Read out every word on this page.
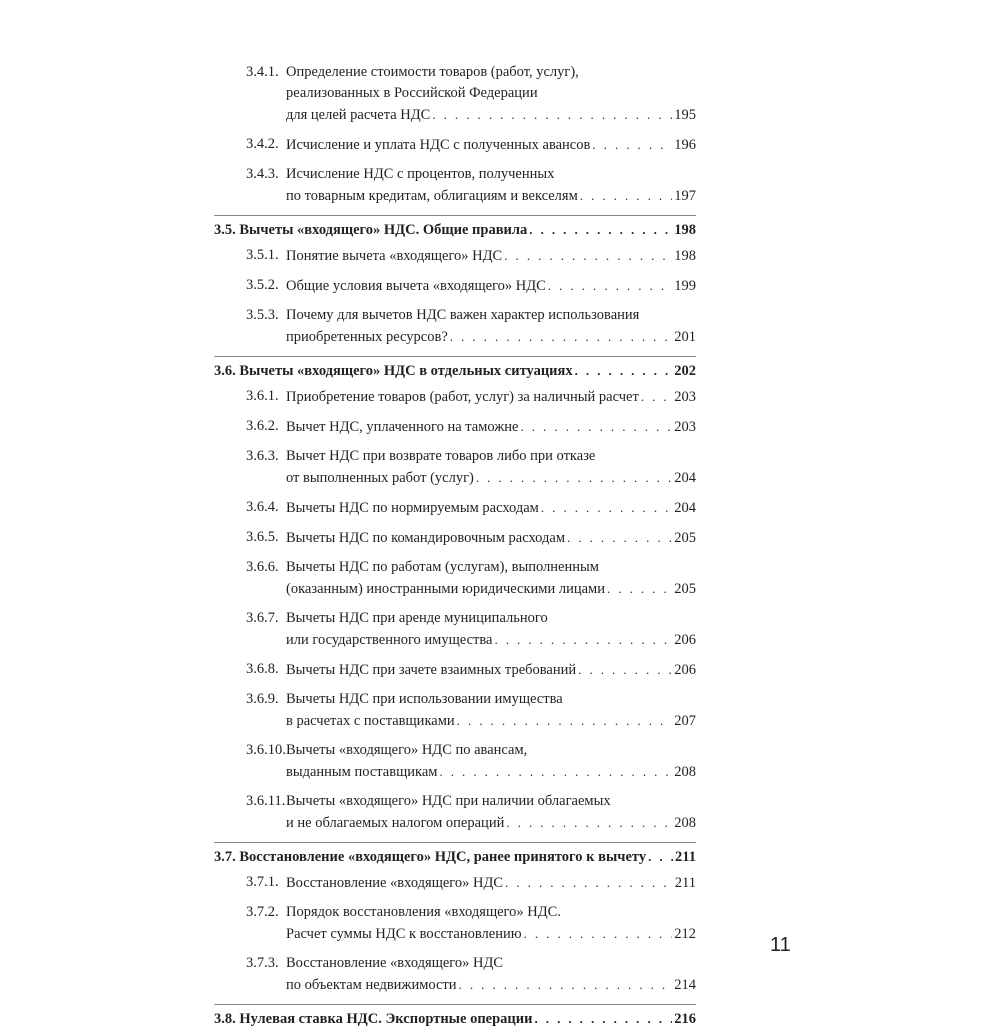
3.4.1. Определение стоимости товаров (работ, услуг),
реализованных в Российской Федерации
для целей расчета НДС . . .	195
3.4.2. Исчисление и уплата НДС с полученных авансов . . .	196
3.4.3. Исчисление НДС с процентов, полученных
по товарным кредитам, облигациям и векселям . . .	197
3.5. Вычеты «входящего» НДС. Общие правила . . .	198
3.5.1. Понятие вычета «входящего» НДС . . .	198
3.5.2. Общие условия вычета «входящего» НДС . . .	199
3.5.3. Почему для вычетов НДС важен характер использования
приобретенных ресурсов? . . .	201
3.6. Вычеты «входящего» НДС в отдельных ситуациях . . .	202
3.6.1. Приобретение товаров (работ, услуг) за наличный расчет . . . 203
3.6.2. Вычет НДС, уплаченного на таможне . . .	203
3.6.3. Вычет НДС при возврате товаров либо при отказе
от выполненных работ (услуг) . . .	204
3.6.4. Вычеты НДС по нормируемым расходам . . .	204
3.6.5. Вычеты НДС по командировочным расходам . . .	205
3.6.6. Вычеты НДС по работам (услугам), выполненным
(оказанным) иностранными юридическими лицами . . .	205
3.6.7. Вычеты НДС при аренде муниципального
или государственного имущества . . .	206
3.6.8. Вычеты НДС при зачете взаимных требований . . .	206
3.6.9. Вычеты НДС при использовании имущества
в расчетах с поставщиками . . .	207
3.6.10. Вычеты «входящего» НДС по авансам,
выданным поставщикам . . .	208
3.6.11. Вычеты «входящего» НДС при наличии облагаемых
и не облагаемых налогом операций . . .	208
3.7. Восстановление «входящего» НДС, ранее принятого к вычету . . . 211
3.7.1. Восстановление «входящего» НДС . . .	211
3.7.2. Порядок восстановления «входящего» НДС.
Расчет суммы НДС к восстановлению . . .	212
3.7.3. Восстановление «входящего» НДС
по объектам недвижимости . . .	214
3.8. Нулевая ставка НДС. Экспортные операции . . .	216
11
